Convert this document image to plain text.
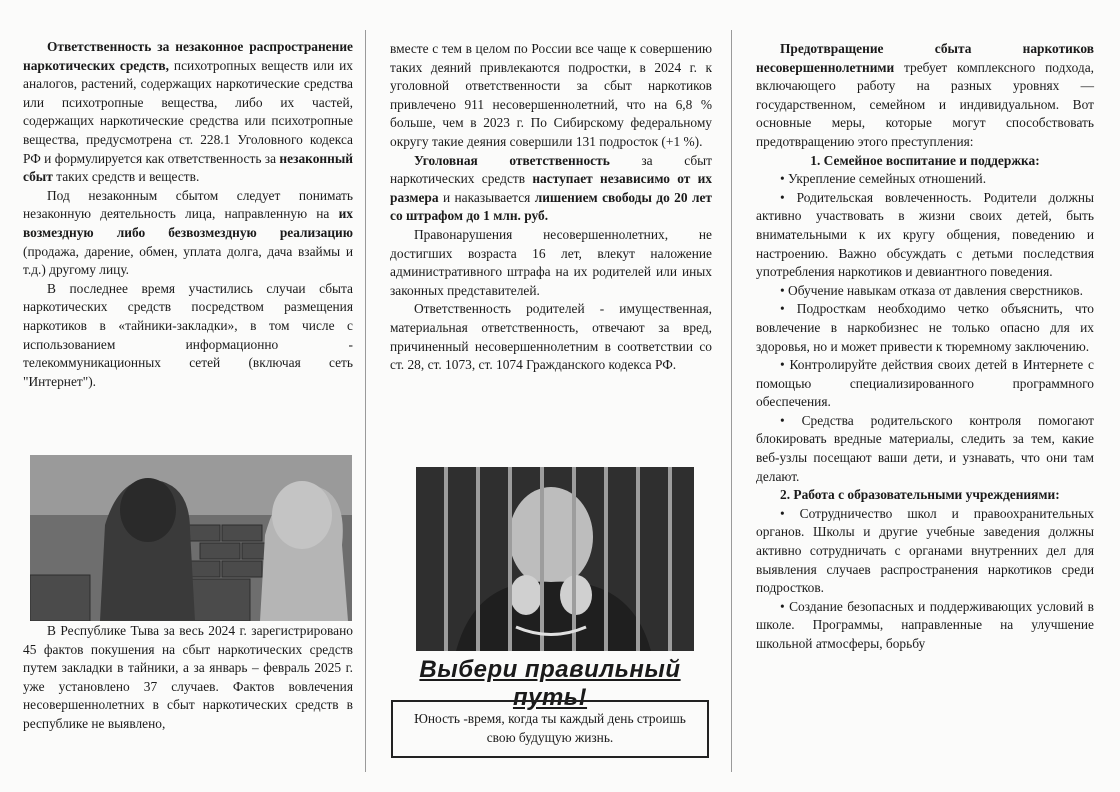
Ответственность за незаконное распространение наркотических средств, психотропных веществ или их аналогов, растений, содержащих наркотические средства или психотропные вещества, либо их частей, содержащих наркотические средства или психотропные вещества, предусмотрена ст. 228.1 Уголовного кодекса РФ и формулируется как ответственность за незаконный сбыт таких средств и веществ.

Под незаконным сбытом следует понимать незаконную деятельность лица, направленную на их возмездную либо безвозмездную реализацию (продажа, дарение, обмен, уплата долга, дача взаймы и т.д.) другому лицу.

В последнее время участились случаи сбыта наркотических средств посредством размещения наркотиков в «тайники-закладки», в том числе с использованием информационно - телекоммуникационных сетей (включая сеть "Интернет").

В Республике Тыва за весь 2024 г. зарегистрировано 45 фактов покушения на сбыт наркотических средств путем закладки в тайники, а за январь – февраль 2025 г. уже установлено 37 случаев. Фактов вовлечения несовершеннолетних в сбыт наркотических средств в республике не выявлено,

вместе с тем в целом по России все чаще к совершению таких деяний привлекаются подростки, в 2024 г. к уголовной ответственности за сбыт наркотиков привлечено 911 несовершеннолетний, что на 6,8 % больше, чем в 2023 г. По Сибирскому федеральному округу такие деяния совершили 131 подросток (+1 %).

Уголовная ответственность за сбыт наркотических средств наступает независимо от их размера и наказывается лишением свободы до 20 лет со штрафом до 1 млн. руб.

Правонарушения несовершеннолетних, не достигших возраста 16 лет, влекут наложение административного штрафа на их родителей или иных законных представителей.

Ответственность родителей - имущественная, материальная ответственность, отвечают за вред, причиненный несовершеннолетним в соответствии со ст. 28, ст. 1073, ст. 1074 Гражданского кодекса РФ.

Выбери правильный путь!
Юность -время, когда ты каждый день строишь свою будущую жизнь.

Предотвращение сбыта наркотиков несовершеннолетними требует комплексного подхода, включающего работу на разных уровнях — государственном, семейном и индивидуальном. Вот основные меры, которые могут способствовать предотвращению этого преступления:

1. Семейное воспитание и поддержка:

• Укрепление семейных отношений.

• Родительская вовлеченность. Родители должны активно участвовать в жизни своих детей, быть внимательными к их кругу общения, поведению и настроению. Важно обсуждать с детьми последствия употребления наркотиков и девиантного поведения.

• Обучение навыкам отказа от давления сверстников.

• Подросткам необходимо четко объяснить, что вовлечение в наркобизнес не только опасно для их здоровья, но и может привести к тюремному заключению.

• Контролируйте действия своих детей в Интернете с помощью специализированного программного обеспечения.

• Средства родительского контроля помогают блокировать вредные материалы, следить за тем, какие веб-узлы посещают ваши дети, и узнавать, что они там делают.

2. Работа с образовательными учреждениями:

• Сотрудничество школ и правоохранительных органов. Школы и другие учебные заведения должны активно сотрудничать с органами внутренних дел для выявления случаев распространения наркотиков среди подростков.

• Создание безопасных и поддерживающих условий в школе. Программы, направленные на улучшение школьной атмосферы, борьбу
